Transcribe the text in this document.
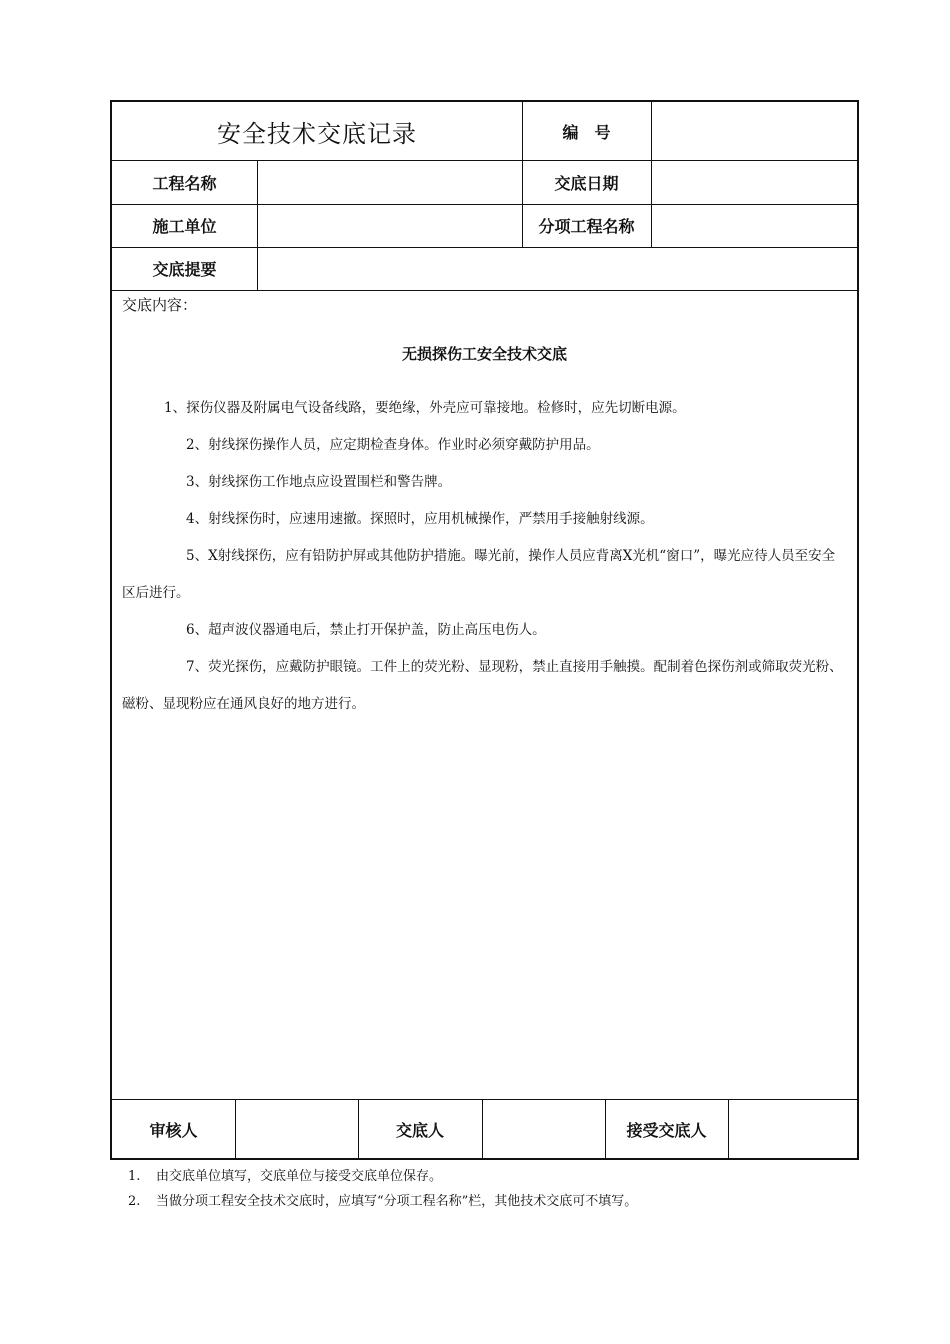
安全技术交底记录	编　号
工程名称	交底日期
施工单位	分项工程名称
交底提要
交底内容：
无损探伤工安全技术交底

1、探伤仪器及附属电气设备线路，要绝缘，外壳应可靠接地。检修时，应先切断电源。

2、射线探伤操作人员，应定期检查身体。作业时必须穿戴防护用品。

3、射线探伤工作地点应设置围栏和警告牌。

4、射线探伤时，应速用速撤。探照时，应用机械操作，严禁用手接触射线源。

5、X射线探伤，应有铅防护屏或其他防护措施。曝光前，操作人员应背离X光机“窗口”，曝光应待人员至安全区后进行。

6、超声波仪器通电后，禁止打开保护盖，防止高压电伤人。

7、荧光探伤，应戴防护眼镜。工件上的荧光粉、显现粉，禁止直接用手触摸。配制着色探伤剂或筛取荧光粉、磁粉、显现粉应在通风良好的地方进行。

审核人	交底人	接受交底人
1. 由交底单位填写，交底单位与接受交底单位保存。
2. 当做分项工程安全技术交底时，应填写“分项工程名称”栏，其他技术交底可不填写。
